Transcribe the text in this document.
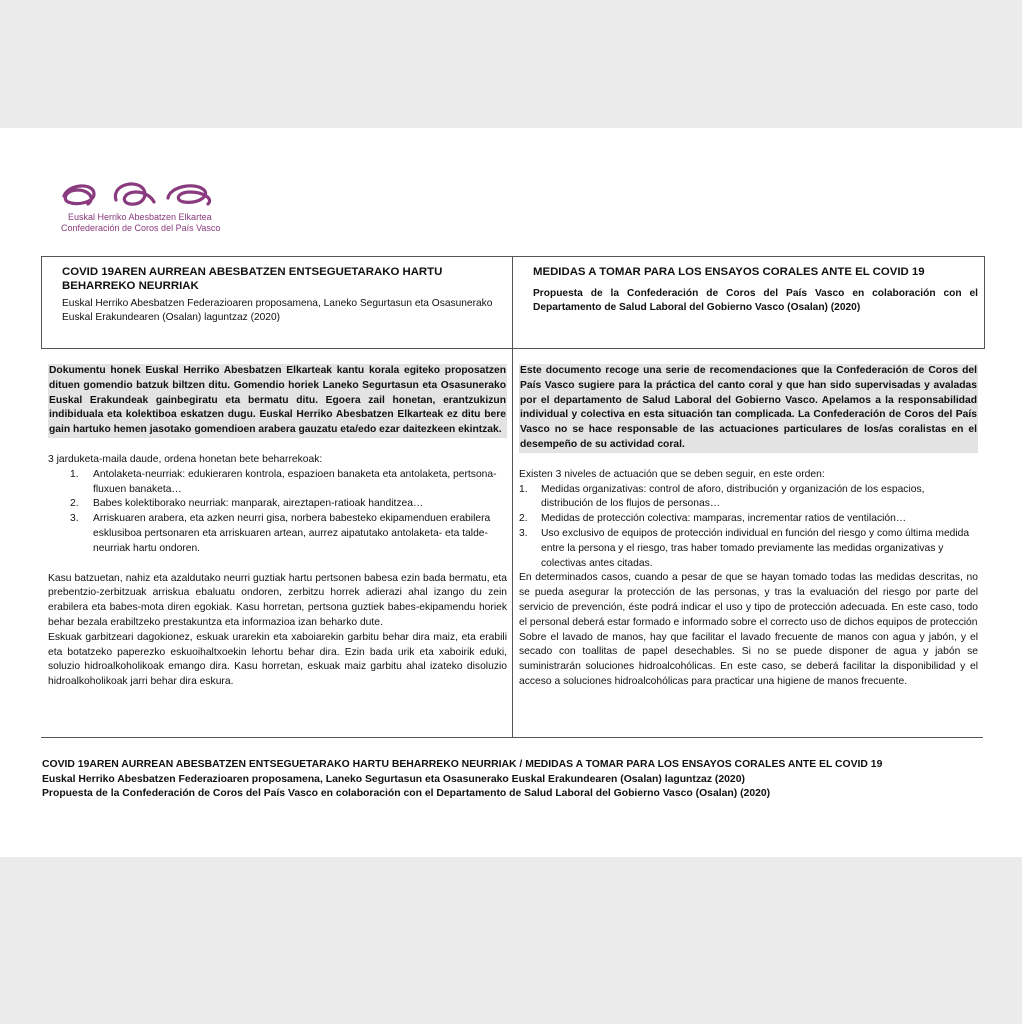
Euskal Herriko Abesbatzen Elkartea
Confederación de Coros del País Vasco
COVID 19AREN AURREAN ABESBATZEN ENTSEGUETARAKO HARTU BEHARREKO NEURRIAK
Euskal Herriko Abesbatzen Federazioaren proposamena, Laneko Segurtasun eta Osasunerako Euskal Erakundearen (Osalan) laguntzaz (2020)
MEDIDAS A TOMAR PARA LOS ENSAYOS CORALES ANTE EL COVID 19
Propuesta de la Confederación de Coros del País Vasco en colaboración con el Departamento de Salud Laboral del Gobierno Vasco (Osalan) (2020)
Dokumentu honek Euskal Herriko Abesbatzen Elkarteak kantu korala egiteko proposatzen dituen gomendio batzuk biltzen ditu. Gomendio horiek Laneko Segurtasun eta Osasunerako Euskal Erakundeak gainbegiratu eta bermatu ditu. Egoera zail honetan, erantzukizun indibiduala eta kolektiboa eskatzen dugu. Euskal Herriko Abesbatzen Elkarteak ez ditu bere gain hartuko hemen jasotako gomendioen arabera gauzatu eta/edo ezar daitezkeen ekintzak.

3 jarduketa-maila daude, ordena honetan bete beharrekoak:

1. Antolaketa-neurriak: edukieraren kontrola, espazioen banaketa eta antolaketa, pertsona-fluxuen banaketa…
2. Babes kolektiborako neurriak: manparak, aireztapen-ratioak handitzea…
3. Arriskuaren arabera, eta azken neurri gisa, norbera babesteko ekipamenduen erabilera esklusiboa pertsonaren eta arriskuaren artean, aurrez aipatutako antolaketa- eta talde-neurriak hartu ondoren.

Kasu batzuetan, nahiz eta azaldutako neurri guztiak hartu pertsonen babesa ezin bada bermatu, eta prebentzio-zerbitzuak arriskua ebaluatu ondoren, zerbitzu horrek adierazi ahal izango du zein erabilera eta babes-mota diren egokiak. Kasu horretan, pertsona guztiek babes-ekipamendu horiek behar bezala erabiltzeko prestakuntza eta informazioa izan beharko dute.

Eskuak garbitzeari dagokionez, eskuak urarekin eta xaboiarekin garbitu behar dira maiz, eta erabili eta botatzeko paperezko eskuoihaltxoekin lehortu behar dira. Ezin bada urik eta xaboirik eduki, soluzio hidroalkoholikoak emango dira. Kasu horretan, eskuak maiz garbitu ahal izateko disoluzio hidroalkoholikoak jarri behar dira eskura.

Este documento recoge una serie de recomendaciones que la Confederación de Coros del País Vasco sugiere para la práctica del canto coral y que han sido supervisadas y avaladas por el departamento de Salud Laboral del Gobierno Vasco. Apelamos a la responsabilidad individual y colectiva en esta situación tan complicada. La Confederación de Coros del País Vasco no se hace responsable de las actuaciones particulares de los/as coralistas en el desempeño de su actividad coral.

Existen 3 niveles de actuación que se deben seguir, en este orden:

1. Medidas organizativas: control de aforo, distribución y organización de los espacios, distribución de los flujos de personas…
2. Medidas de protección colectiva: mamparas, incrementar ratios de ventilación…
3. Uso exclusivo de equipos de protección individual en función del riesgo y como última medida entre la persona y el riesgo, tras haber tomado previamente las medidas organizativas y colectivas antes citadas.

En determinados casos, cuando a pesar de que se hayan tomado todas las medidas descritas, no se pueda asegurar la protección de las personas, y tras la evaluación del riesgo por parte del servicio de prevención, éste podrá indicar el uso y tipo de protección adecuada. En este caso, todo el personal deberá estar formado e informado sobre el correcto uso de dichos equipos de protección

Sobre el lavado de manos, hay que facilitar el lavado frecuente de manos con agua y jabón, y el secado con toallitas de papel desechables. Si no se puede disponer de agua y jabón se suministrarán soluciones hidroalcohólicas. En este caso, se deberá facilitar la disponibilidad y el acceso a soluciones hidroalcohólicas para practicar una higiene de manos frecuente.

COVID 19AREN AURREAN ABESBATZEN ENTSEGUETARAKO HARTU BEHARREKO NEURRIAK / MEDIDAS A TOMAR PARA LOS ENSAYOS CORALES ANTE EL COVID 19
Euskal Herriko Abesbatzen Federazioaren proposamena, Laneko Segurtasun eta Osasunerako Euskal Erakundearen (Osalan) laguntzaz (2020)
Propuesta de la Confederación de Coros del País Vasco en colaboración con el Departamento de Salud Laboral del Gobierno Vasco (Osalan) (2020)
